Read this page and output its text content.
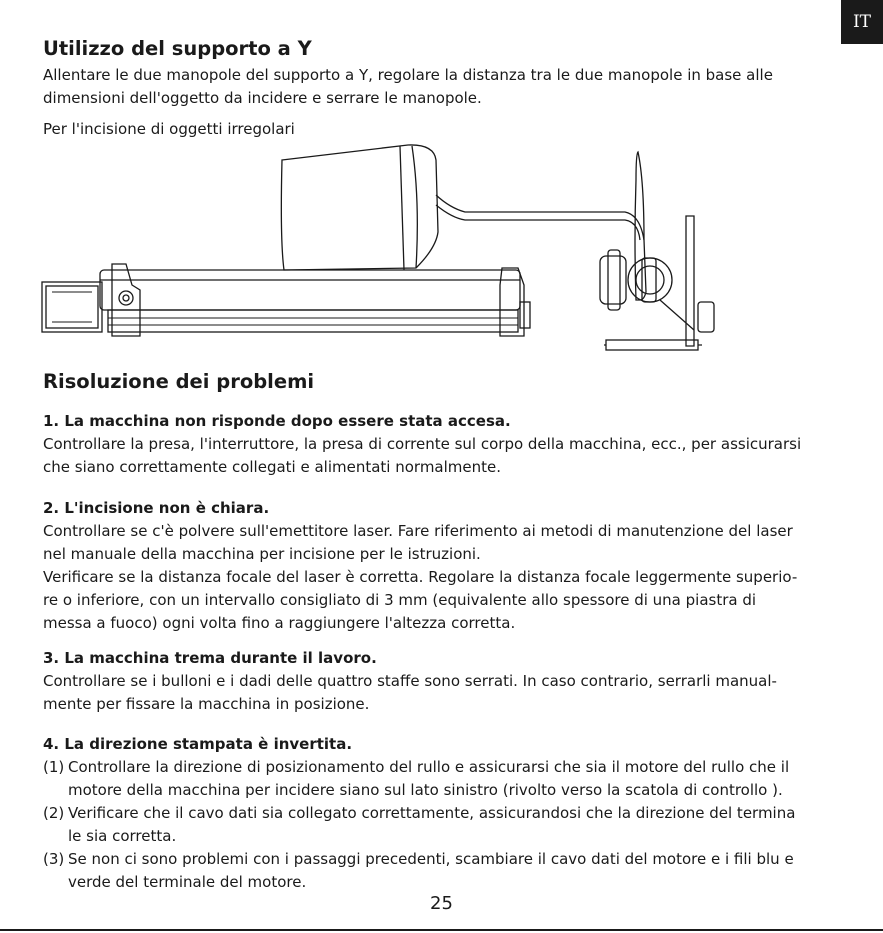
IT
Utilizzo del supporto a Y
Allentare le due manopole del supporto a Y, regolare la distanza tra le due manopole in base alle
dimensioni dell'oggetto da incidere e serrare le manopole.
Per l'incisione di oggetti irregolari
Risoluzione dei problemi
1. La macchina non risponde dopo essere stata accesa.
Controllare la presa, l'interruttore, la presa di corrente sul corpo della macchina, ecc., per assicurarsi
che siano correttamente collegati e alimentati normalmente.
2. L'incisione non è chiara.
Controllare se c'è polvere sull'emettitore laser. Fare riferimento ai metodi di manutenzione del laser
nel manuale della macchina per incisione per le istruzioni.
Verificare se la distanza focale del laser è corretta. Regolare la distanza focale leggermente superio-
re o inferiore, con un intervallo consigliato di 3 mm (equivalente allo spessore di una piastra di
messa a fuoco) ogni volta fino a raggiungere l'altezza corretta.
3. La macchina trema durante il lavoro.
Controllare se i bulloni e i dadi delle quattro staffe sono serrati. In caso contrario, serrarli manual-
mente per fissare la macchina in posizione.
4. La direzione stampata è invertita.
(1) Controllare la direzione di posizionamento del rullo e assicurarsi che sia il motore del rullo che il
motore della macchina per incidere siano sul lato sinistro (rivolto verso la scatola di controllo ).
(2) Verificare che il cavo dati sia collegato correttamente, assicurandosi che la direzione del termina
le sia corretta.
(3) Se non ci sono problemi con i passaggi precedenti, scambiare il cavo dati del motore e i fili blu e
verde del terminale del motore.
25
